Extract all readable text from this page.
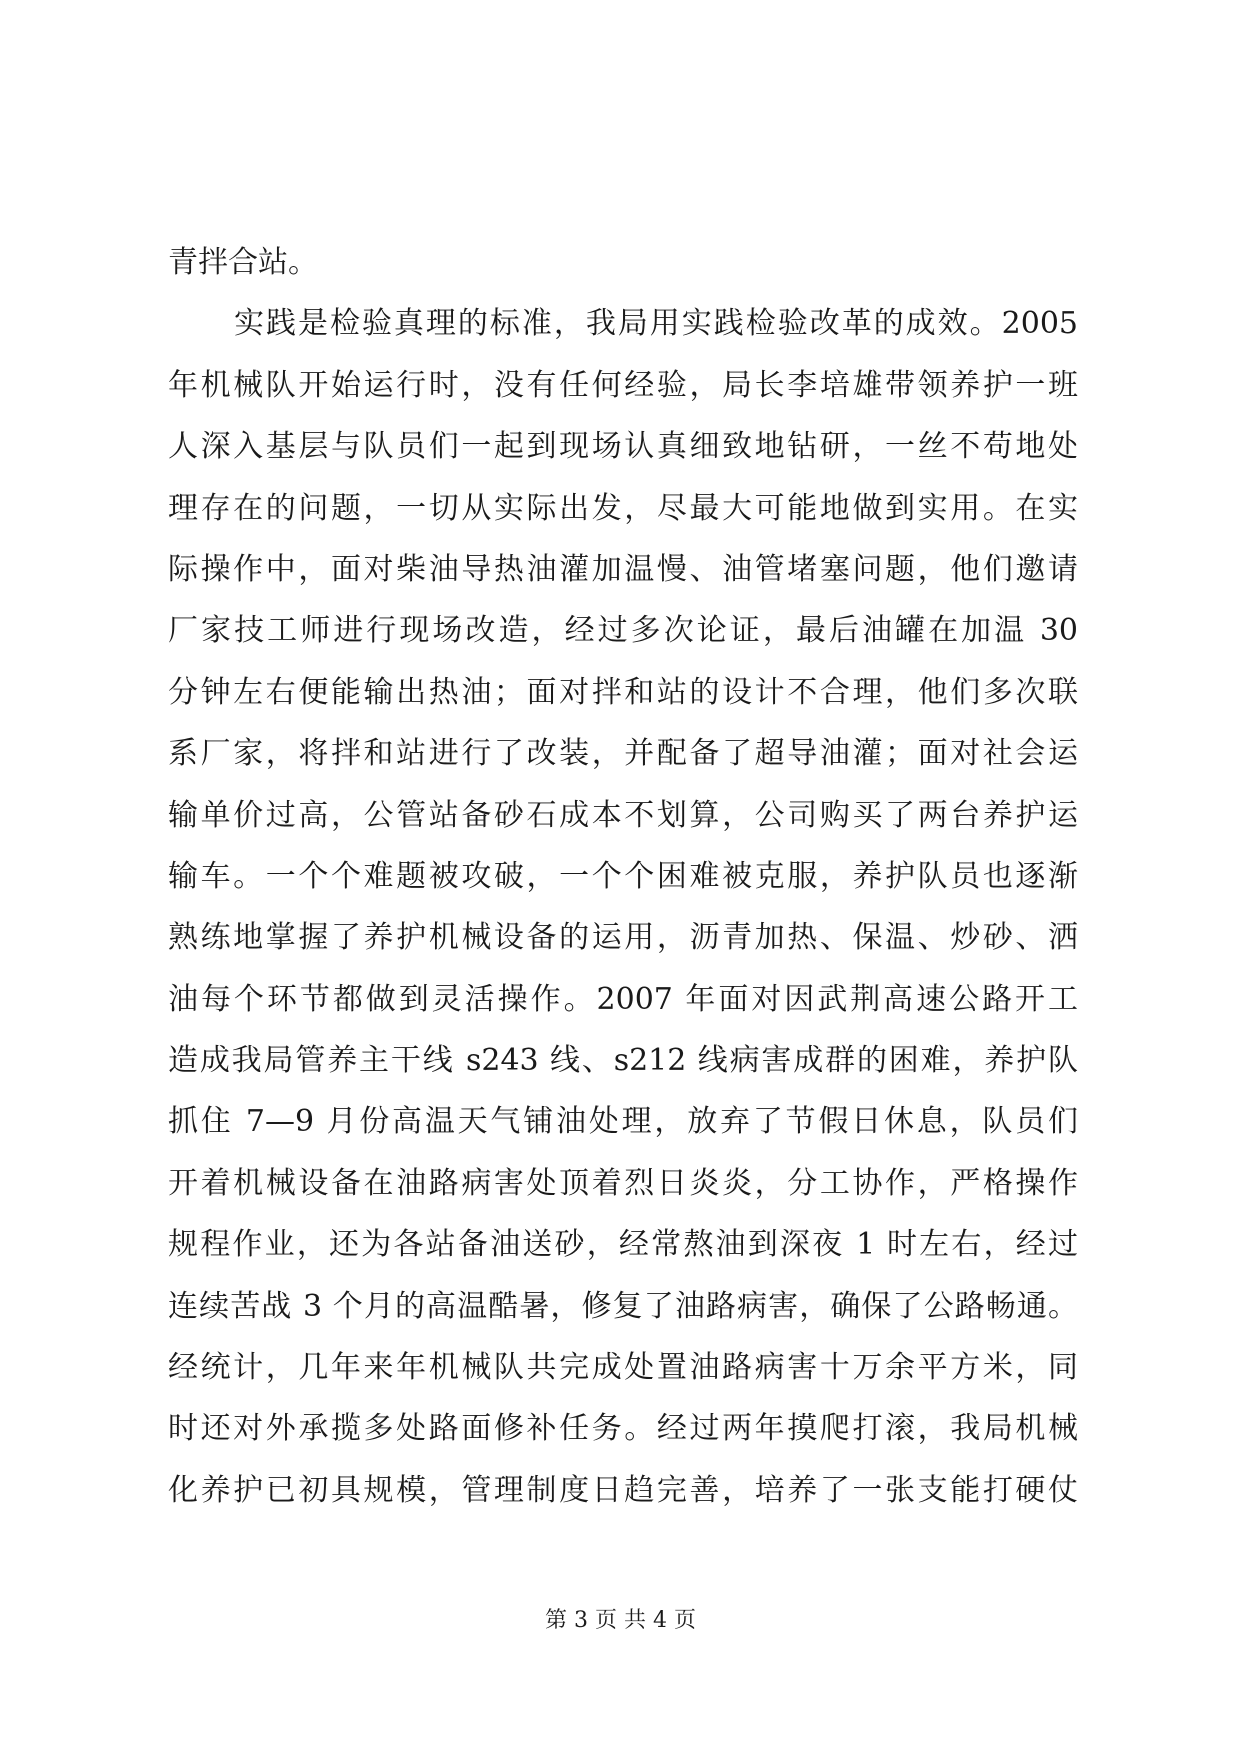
青拌合站。
实践是检验真理的标准，我局用实践检验改革的成效。2005
年机械队开始运行时，没有任何经验，局长李培雄带领养护一班
人深入基层与队员们一起到现场认真细致地钻研，一丝不苟地处
理存在的问题，一切从实际出发，尽最大可能地做到实用。在实
际操作中，面对柴油导热油灌加温慢、油管堵塞问题，他们邀请
厂家技工师进行现场改造，经过多次论证，最后油罐在加温 30
分钟左右便能输出热油；面对拌和站的设计不合理，他们多次联
系厂家，将拌和站进行了改装，并配备了超导油灌；面对社会运
输单价过高，公管站备砂石成本不划算，公司购买了两台养护运
输车。一个个难题被攻破，一个个困难被克服，养护队员也逐渐
熟练地掌握了养护机械设备的运用，沥青加热、保温、炒砂、洒
油每个环节都做到灵活操作。2007 年面对因武荆高速公路开工
造成我局管养主干线 s243 线、s212 线病害成群的困难，养护队
抓住 7—9 月份高温天气铺油处理，放弃了节假日休息，队员们
开着机械设备在油路病害处顶着烈日炎炎，分工协作，严格操作
规程作业，还为各站备油送砂，经常熬油到深夜 1 时左右，经过
连续苦战 3 个月的高温酷暑，修复了油路病害，确保了公路畅通。
经统计，几年来年机械队共完成处置油路病害十万余平方米，同
时还对外承揽多处路面修补任务。经过两年摸爬打滚，我局机械
化养护已初具规模，管理制度日趋完善，培养了一张支能打硬仗
第 3 页 共 4 页
